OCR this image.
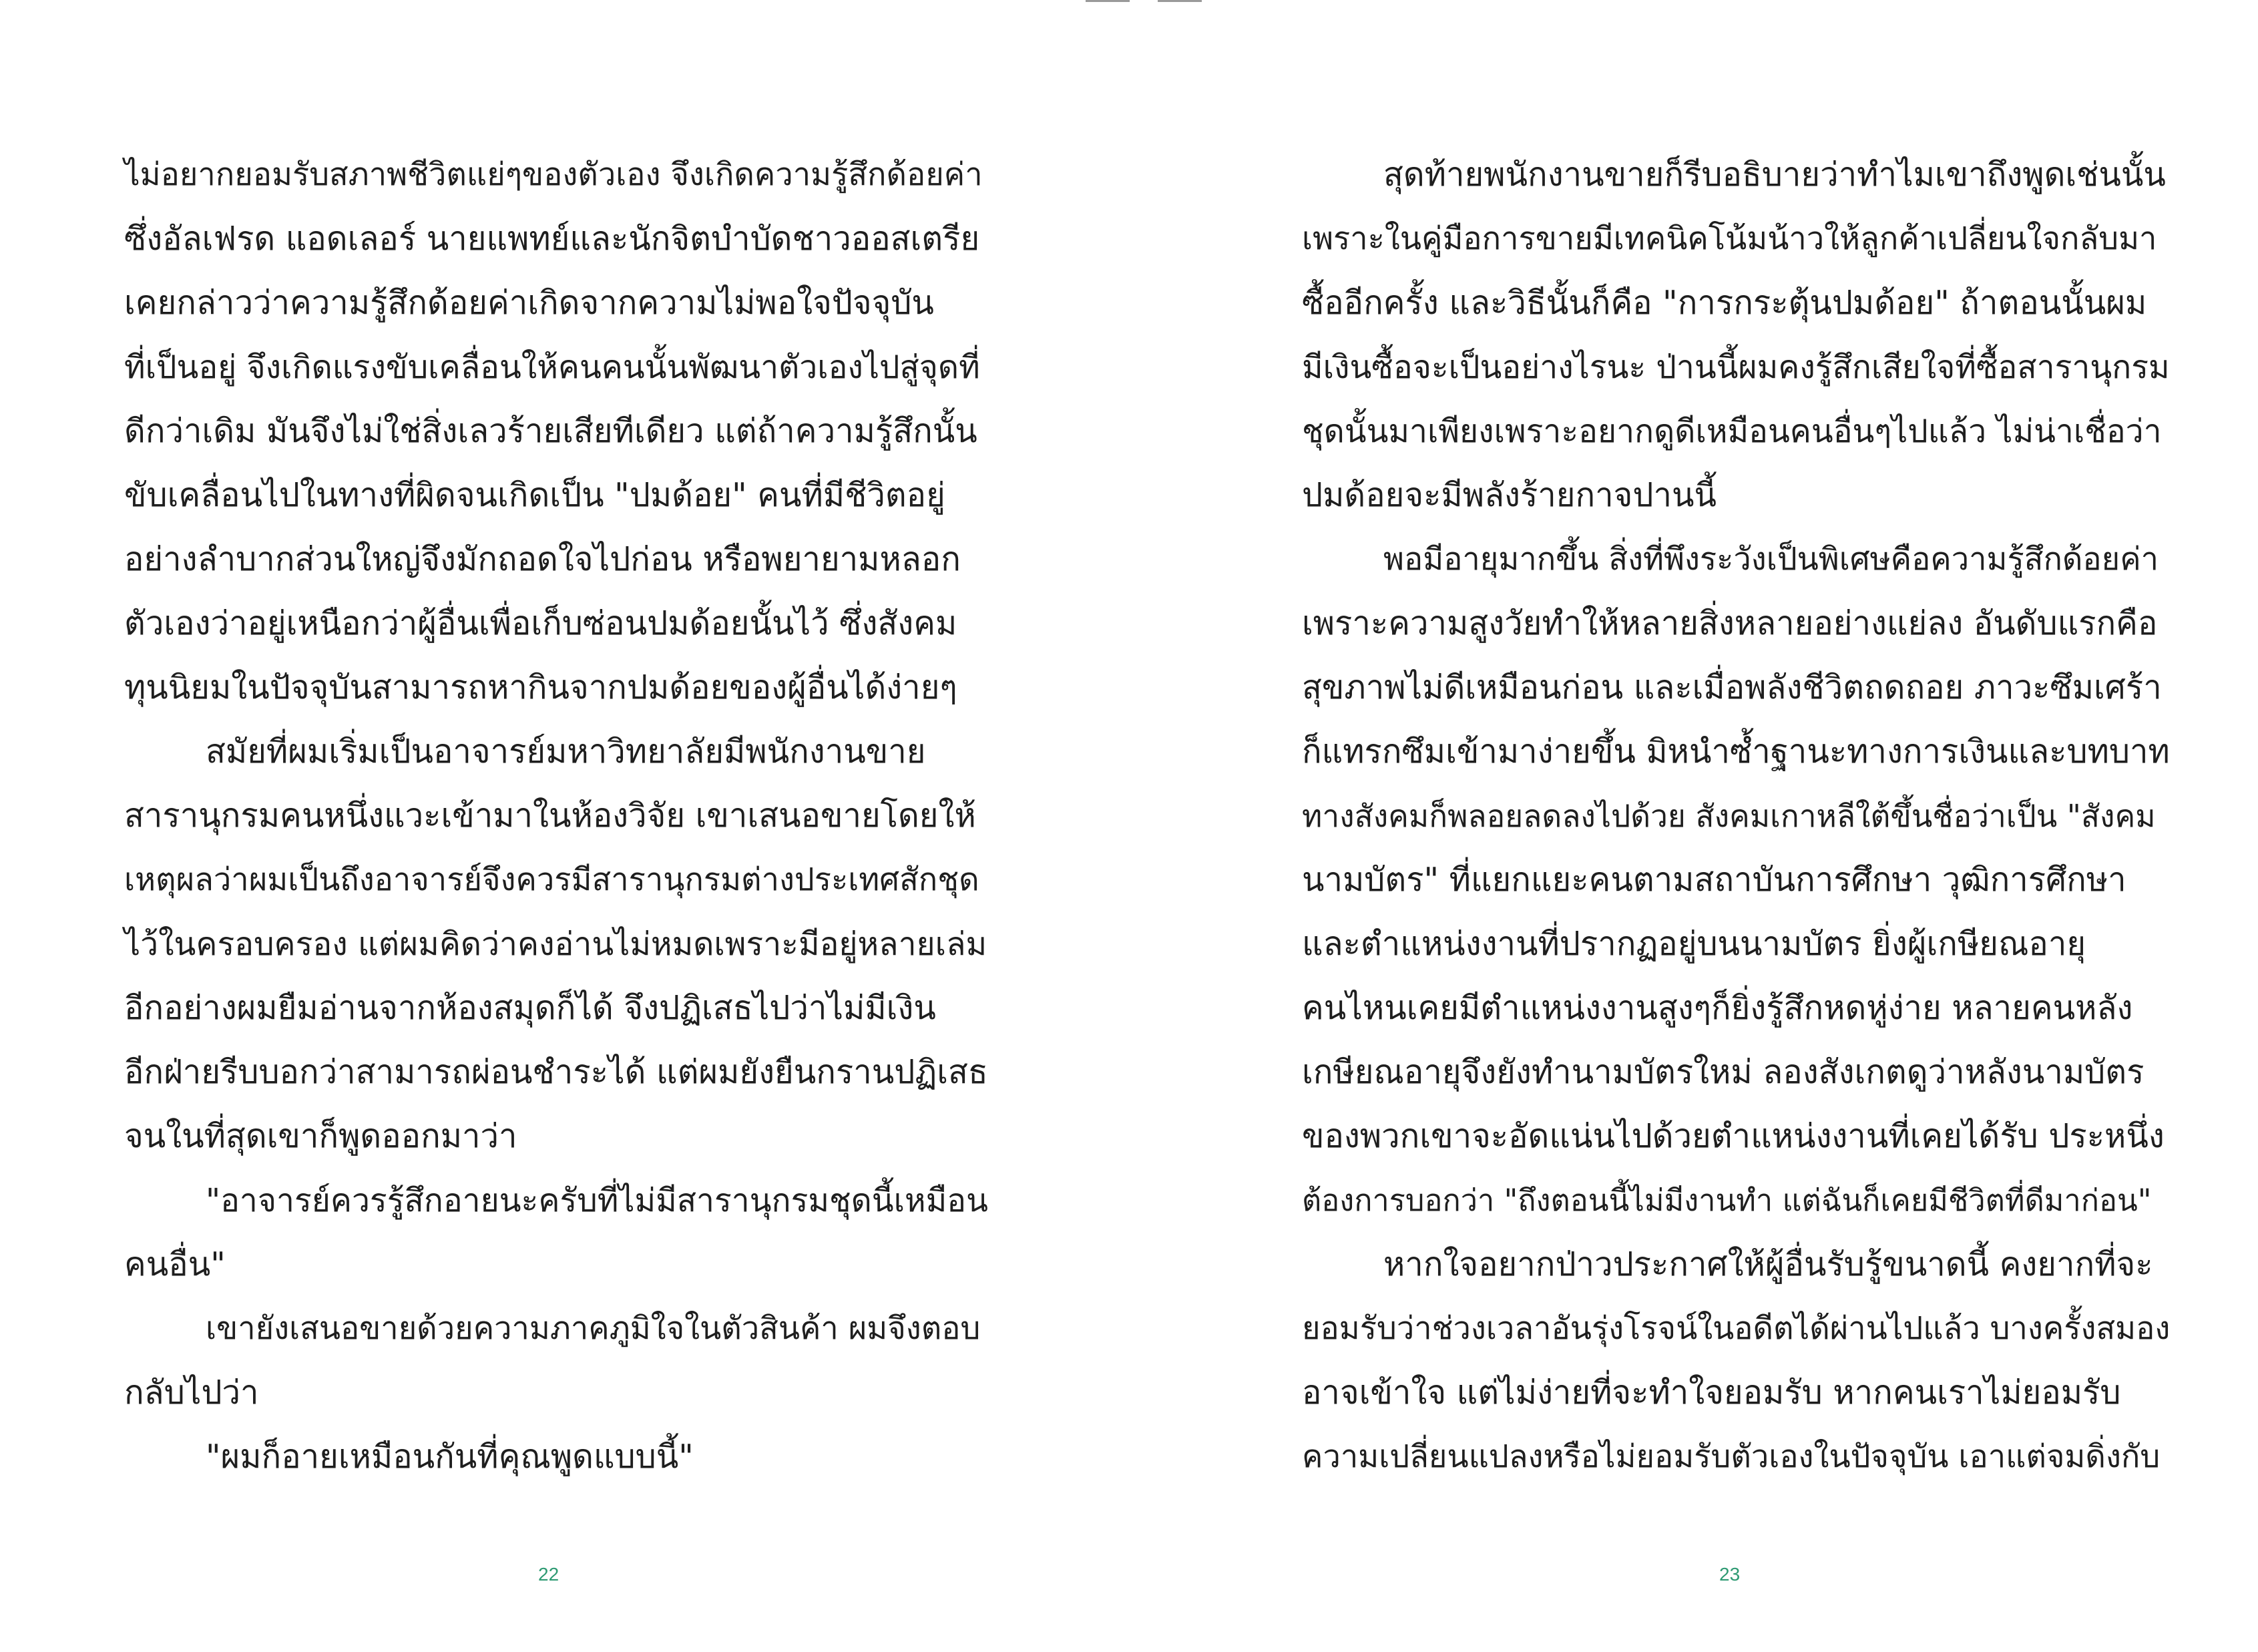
ไม่อยากยอมรับสภาพชีวิตแย่ๆของตัวเอง จึงเกิดความรู้สึกด้อยค่า
ซึ่งอัลเฟรด แอดเลอร์ นายแพทย์และนักจิตบำบัดชาวออสเตรีย
เคยกล่าวว่าความรู้สึกด้อยค่าเกิดจากความไม่พอใจปัจจุบัน
ที่เป็นอยู่ จึงเกิดแรงขับเคลื่อนให้คนคนนั้นพัฒนาตัวเองไปสู่จุดที่
ดีกว่าเดิม มันจึงไม่ใช่สิ่งเลวร้ายเสียทีเดียว แต่ถ้าความรู้สึกนั้น
ขับเคลื่อนไปในทางที่ผิดจนเกิดเป็น "ปมด้อย" คนที่มีชีวิตอยู่
อย่างลำบากส่วนใหญ่จึงมักถอดใจไปก่อน หรือพยายามหลอก
ตัวเองว่าอยู่เหนือกว่าผู้อื่นเพื่อเก็บซ่อนปมด้อยนั้นไว้ ซึ่งสังคม
ทุนนิยมในปัจจุบันสามารถหากินจากปมด้อยของผู้อื่นได้ง่ายๆ
สมัยที่ผมเริ่มเป็นอาจารย์มหาวิทยาลัยมีพนักงานขาย
สารานุกรมคนหนึ่งแวะเข้ามาในห้องวิจัย เขาเสนอขายโดยให้
เหตุผลว่าผมเป็นถึงอาจารย์จึงควรมีสารานุกรมต่างประเทศสักชุด
ไว้ในครอบครอง แต่ผมคิดว่าคงอ่านไม่หมดเพราะมีอยู่หลายเล่ม
อีกอย่างผมยืมอ่านจากห้องสมุดก็ได้ จึงปฏิเสธไปว่าไม่มีเงิน
อีกฝ่ายรีบบอกว่าสามารถผ่อนชำระได้ แต่ผมยังยืนกรานปฏิเสธ
จนในที่สุดเขาก็พูดออกมาว่า
"อาจารย์ควรรู้สึกอายนะครับที่ไม่มีสารานุกรมชุดนี้เหมือน
คนอื่น"
เขายังเสนอขายด้วยความภาคภูมิใจในตัวสินค้า ผมจึงตอบ
กลับไปว่า
"ผมก็อายเหมือนกันที่คุณพูดแบบนี้"
22
สุดท้ายพนักงานขายก็รีบอธิบายว่าทำไมเขาถึงพูดเช่นนั้น
เพราะในคู่มือการขายมีเทคนิคโน้มน้าวให้ลูกค้าเปลี่ยนใจกลับมา
ซื้ออีกครั้ง และวิธีนั้นก็คือ "การกระตุ้นปมด้อย" ถ้าตอนนั้นผม
มีเงินซื้อจะเป็นอย่างไรนะ ป่านนี้ผมคงรู้สึกเสียใจที่ซื้อสารานุกรม
ชุดนั้นมาเพียงเพราะอยากดูดีเหมือนคนอื่นๆไปแล้ว ไม่น่าเชื่อว่า
ปมด้อยจะมีพลังร้ายกาจปานนี้
พอมีอายุมากขึ้น สิ่งที่พึงระวังเป็นพิเศษคือความรู้สึกด้อยค่า
เพราะความสูงวัยทำให้หลายสิ่งหลายอย่างแย่ลง อันดับแรกคือ
สุขภาพไม่ดีเหมือนก่อน และเมื่อพลังชีวิตถดถอย ภาวะซึมเศร้า
ก็แทรกซึมเข้ามาง่ายขึ้น มิหนำซ้ำฐานะทางการเงินและบทบาท
ทางสังคมก็พลอยลดลงไปด้วย สังคมเกาหลีใต้ขึ้นชื่อว่าเป็น "สังคม
นามบัตร" ที่แยกแยะคนตามสถาบันการศึกษา วุฒิการศึกษา
และตำแหน่งงานที่ปรากฏอยู่บนนามบัตร ยิ่งผู้เกษียณอายุ
คนไหนเคยมีตำแหน่งงานสูงๆก็ยิ่งรู้สึกหดหู่ง่าย หลายคนหลัง
เกษียณอายุจึงยังทำนามบัตรใหม่ ลองสังเกตดูว่าหลังนามบัตร
ของพวกเขาจะอัดแน่นไปด้วยตำแหน่งงานที่เคยได้รับ ประหนึ่ง
ต้องการบอกว่า "ถึงตอนนี้ไม่มีงานทำ แต่ฉันก็เคยมีชีวิตที่ดีมาก่อน"
หากใจอยากป่าวประกาศให้ผู้อื่นรับรู้ขนาดนี้ คงยากที่จะ
ยอมรับว่าช่วงเวลาอันรุ่งโรจน์ในอดีตได้ผ่านไปแล้ว บางครั้งสมอง
อาจเข้าใจ แต่ไม่ง่ายที่จะทำใจยอมรับ หากคนเราไม่ยอมรับ
ความเปลี่ยนแปลงหรือไม่ยอมรับตัวเองในปัจจุบัน เอาแต่จมดิ่งกับ
23
